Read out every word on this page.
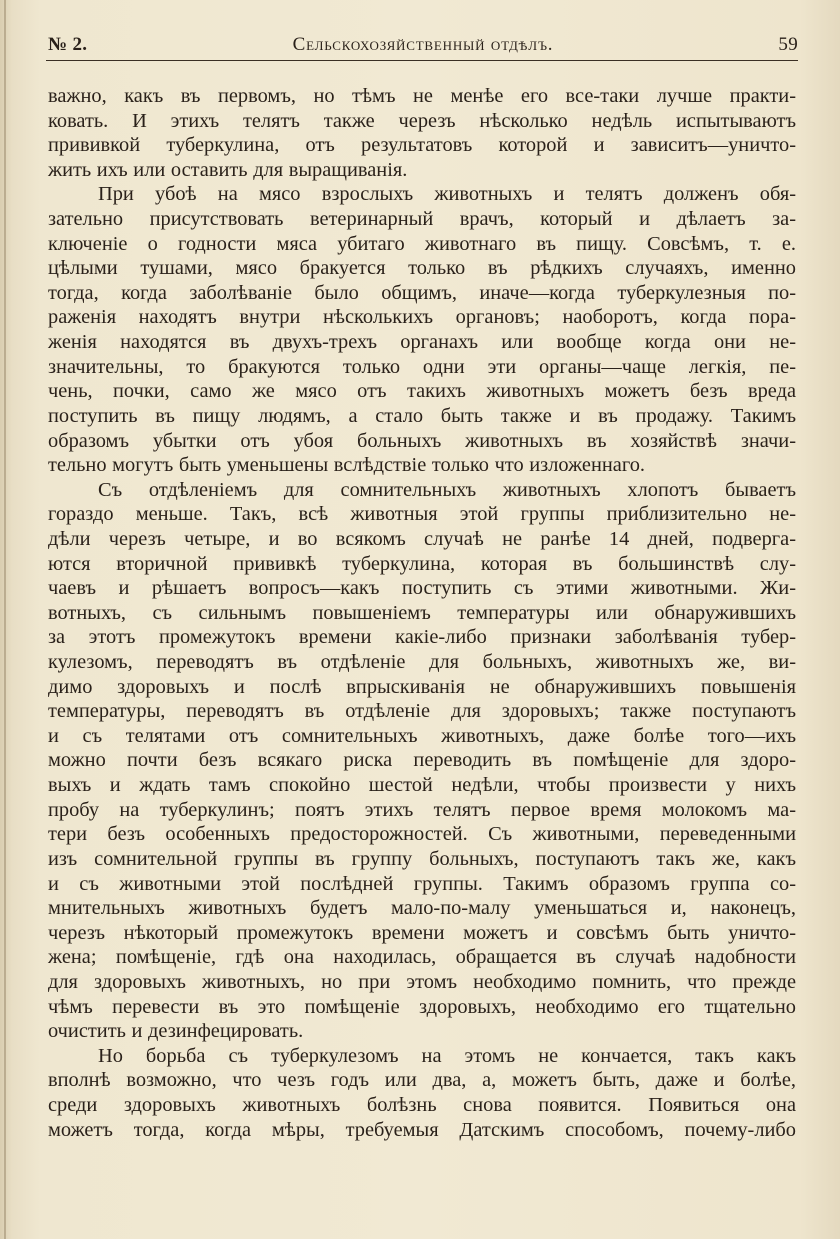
№ 2.	Сельскохозяйственный отдѣлъ.	59
важно, какъ въ первомъ, но тѣмъ не менѣе его все-таки лучше практи-
ковать. И этихъ телятъ также черезъ нѣсколько недѣль испытываютъ
прививкой туберкулина, отъ результатовъ которой и зависитъ—уничто-
жить ихъ или оставить для выращиванія.
При убоѣ на мясо взрослыхъ животныхъ и телятъ долженъ обя-
зательно присутствовать ветеринарный врачъ, который и дѣлаетъ за-
ключеніе о годности мяса убитаго животнаго въ пищу. Совсѣмъ, т. е.
цѣлыми тушами, мясо бракуется только въ рѣдкихъ случаяхъ, именно
тогда, когда заболѣваніе было общимъ, иначе—когда туберкулезныя по-
раженія находятъ внутри нѣсколькихъ органовъ; наоборотъ, когда пора-
женія находятся въ двухъ-трехъ органахъ или вообще когда они не-
значительны, то бракуются только одни эти органы—чаще легкія, пе-
чень, почки, само же мясо отъ такихъ животныхъ можетъ безъ вреда
поступить въ пищу людямъ, а стало быть также и въ продажу. Такимъ
образомъ убытки отъ убоя больныхъ животныхъ въ хозяйствѣ значи-
тельно могутъ быть уменьшены вслѣдствіе только что изложеннаго.
Съ отдѣленіемъ для сомнительныхъ животныхъ хлопотъ бываетъ
гораздо меньше. Такъ, всѣ животныя этой группы приблизительно не-
дѣли черезъ четыре, и во всякомъ случаѣ не ранѣе 14 дней, подверга-
ются вторичной прививкѣ туберкулина, которая въ большинствѣ слу-
чаевъ и рѣшаетъ вопросъ—какъ поступить съ этими животными. Жи-
вотныхъ, съ сильнымъ повышеніемъ температуры или обнаружившихъ
за этотъ промежутокъ времени какіе-либо признаки заболѣванія тубер-
кулезомъ, переводятъ въ отдѣленіе для больныхъ, животныхъ же, ви-
димо здоровыхъ и послѣ впрыскиванія не обнаружившихъ повышенія
температуры, переводятъ въ отдѣленіе для здоровыхъ; также поступаютъ
и съ телятами отъ сомнительныхъ животныхъ, даже болѣе того—ихъ
можно почти безъ всякаго риска переводить въ помѣщеніе для здоро-
выхъ и ждать тамъ спокойно шестой недѣли, чтобы произвести у нихъ
пробу на туберкулинъ; поятъ этихъ телятъ первое время молокомъ ма-
тери безъ особенныхъ предосторожностей. Съ животными, переведенными
изъ сомнительной группы въ группу больныхъ, поступаютъ такъ же, какъ
и съ животными этой послѣдней группы. Такимъ образомъ группа со-
мнительныхъ животныхъ будетъ мало-по-малу уменьшаться и, наконецъ,
черезъ нѣкоторый промежутокъ времени можетъ и совсѣмъ быть уничто-
жена; помѣщеніе, гдѣ она находилась, обращается въ случаѣ надобности
для здоровыхъ животныхъ, но при этомъ необходимо помнить, что прежде
чѣмъ перевести въ это помѣщеніе здоровыхъ, необходимо его тщательно
очистить и дезинфецировать.
Но борьба съ туберкулезомъ на этомъ не кончается, такъ какъ
вполнѣ возможно, что чезъ годъ или два, а, можетъ быть, даже и болѣе,
среди здоровыхъ животныхъ болѣзнь снова появится. Появиться она
можетъ тогда, когда мѣры, требуемыя Датскимъ способомъ, почему-либо
